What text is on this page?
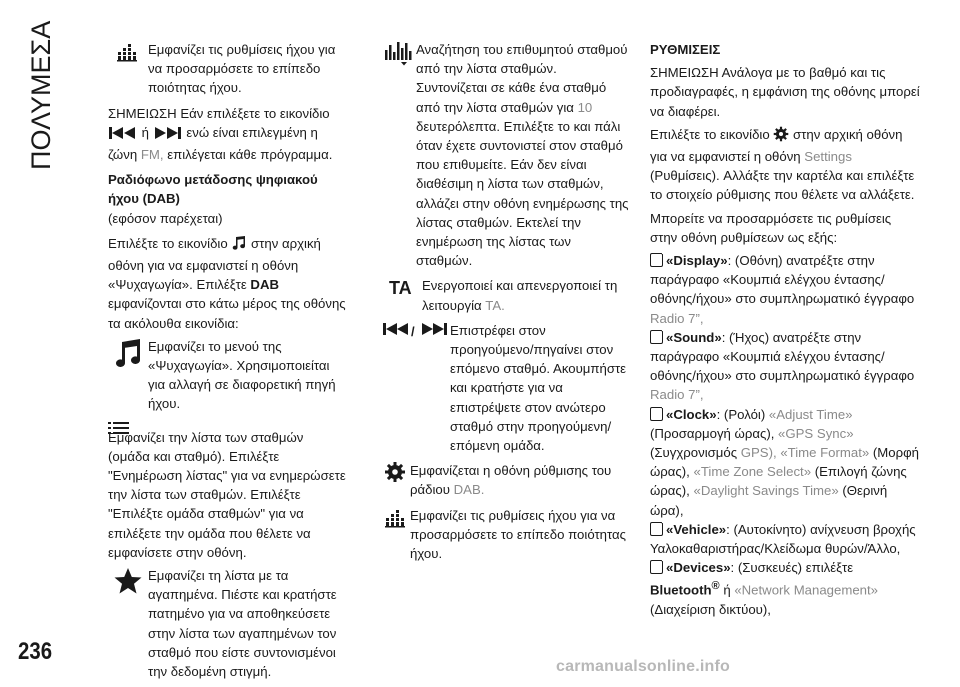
ΠΟΛΥΜΕΣΑ	Εμφανίζει τις ρυθμίσεις ήχου για να προσαρμόσετε το επίπεδο ποιότητας ήχου.

ΣΗΜΕΙΩΣΗ Εάν επιλέξετε το εικονίδιο
ή	ενώ είναι επιλεγμένη η ζώνη FM, επιλέγεται κάθε πρόγραμμα.

Ραδιόφωνο μετάδοσης ψηφιακού
ήχου (DAB)

(εφόσον παρέχεται)

Επιλέξτε το εικονίδιο στην αρχική οθόνη για να εμφανιστεί η οθόνη «Ψυχαγωγία». Επιλέξτε DAB εμφανίζονται στο κάτω μέρος της οθόνης τα ακόλουθα εικονίδια:

Εμφανίζει το μενού της «Ψυχαγωγία». Χρησιμοποιείται για αλλαγή σε διαφορετική πηγή ήχου.

Εμφανίζει την λίστα των σταθμών (ομάδα και σταθμό). Επιλέξτε "Ενημέρωση λίστας" για να ενημερώσετε την λίστα των σταθμών. Επιλέξτε "Επιλέξτε ομάδα σταθμών" για να επιλέξετε την ομάδα που θέλετε να εμφανίσετε στην οθόνη.

Εμφανίζει τη λίστα με τα αγαπημένα. Πιέστε και κρατήστε πατημένο για να αποθηκεύσετε στην λίστα των αγαπημένων τον σταθμό που είστε συντονισμένοι την δεδομένη στιγμή.
Αναζήτηση του επιθυμητού σταθμού από την λίστα σταθμών. Συντονίζεται σε κάθε ένα σταθμό από την λίστα σταθμών για 10 δευτερόλεπτα. Επιλέξτε το και πάλι όταν έχετε συντονιστεί στον σταθμό που επιθυμείτε. Εάν δεν είναι διαθέσιμη η λίστα των σταθμών, αλλάζει στην οθόνη ενημέρωσης της λίστας σταθμών. Εκτελεί την ενημέρωση της λίστας των σταθμών.
TA Ενεργοποιεί και απενεργοποιεί τη λειτουργία TA.
/	Επιστρέφει στον προηγούμενο/πηγαίνει στον επόμενο σταθμό. Ακουμπήστε και κρατήστε για να επιστρέψετε στον ανώτερο σταθμό στην προηγούμενη/επόμενη ομάδα.
Εμφανίζεται η οθόνη ρύθμισης του ράδιου DAB.
Εμφανίζει τις ρυθμίσεις ήχου για να προσαρμόσετε το επίπεδο ποιότητας ήχου.

ΡΥΘΜΙΣΕΙΣ

ΣΗΜΕΙΩΣΗ Ανάλογα με το βαθμό και τις προδιαγραφές, η εμφάνιση της οθόνης μπορεί να διαφέρει.

Επιλέξτε το εικονίδιο στην αρχική οθόνη για να εμφανιστεί η οθόνη Settings (Ρυθμίσεις). Αλλάξτε την καρτέλα και επιλέξτε το στοιχείο ρύθμισης που θέλετε να αλλάξετε.

Μπορείτε να προσαρμόσετε τις ρυθμίσεις στην οθόνη ρυθμίσεων ως εξής:

«Display»: (Οθόνη) ανατρέξτε στην παράγραφο «Κουμπιά ελέγχου έντασης/οθόνης/ήχου» στο συμπληρωματικό έγγραφο Radio 7”,

«Sound»: (Ήχος) ανατρέξτε στην παράγραφο «Κουμπιά ελέγχου έντασης/οθόνης/ήχου» στο συμπληρωματικό έγγραφο Radio 7”,

«Clock»: (Ρολόι) «Adjust Time» (Προσαρμογή ώρας), «GPS Sync» (Συγχρονισμός GPS), «Time Format» (Μορφή ώρας), «Time Zone Select» (Επιλογή ζώνης ώρας), «Daylight Savings Time» (Θερινή ώρα),

«Vehicle»: (Αυτοκίνητο) ανίχνευση βροχής Υαλοκαθαριστήρας/Κλείδωμα θυρών/Άλλο,

«Devices»: (Συσκευές) επιλέξτε Bluetooth® ή «Network Management» (Διαχείριση δικτύου),

236
carmanualsonline.info
